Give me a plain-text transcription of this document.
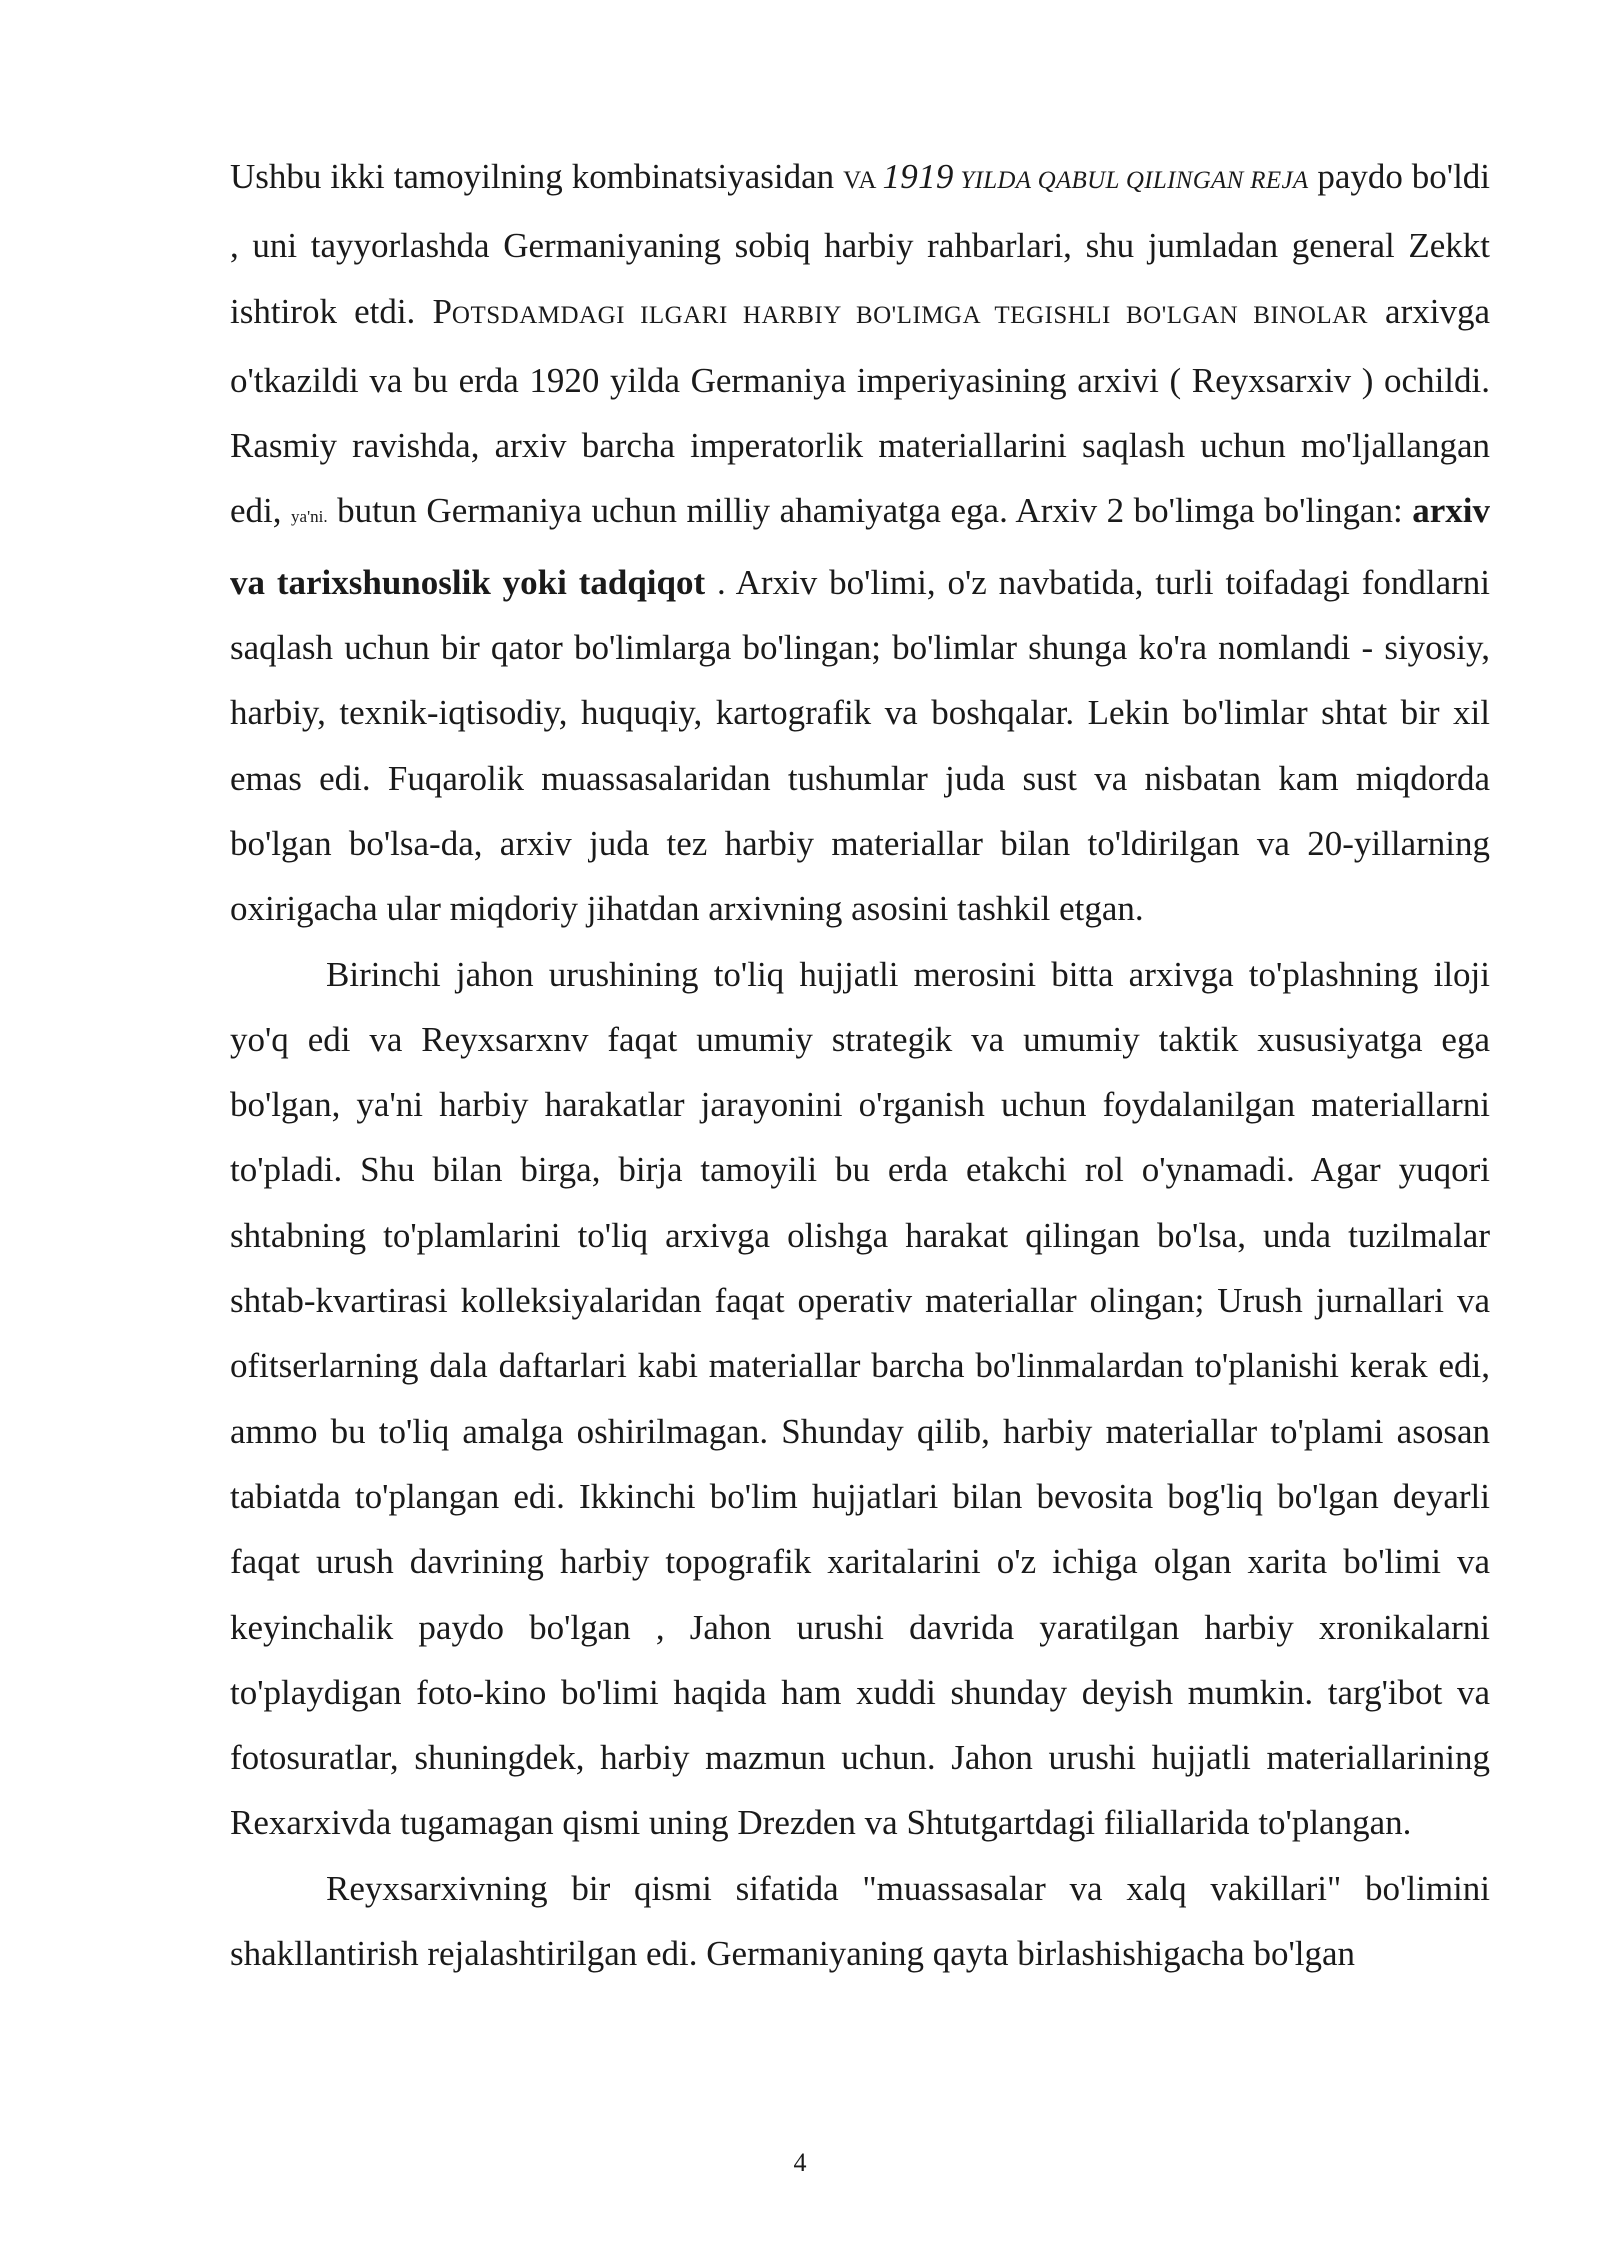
Ushbu ikki tamoyilning kombinatsiyasidan VA 1919 YILDA QABUL QILINGAN REJA paydo bo'ldi , uni tayyorlashda Germaniyaning sobiq harbiy rahbarlari, shu jumladan general Zekkt ishtirok etdi. POTSDAMDAGI ILGARI HARBIY BO'LIMGA TEGISHLI BO'LGAN BINOLAR arxivga o'tkazildi va bu erda 1920 yilda Germaniya imperiyasining arxivi ( Reyxsarxiv ) ochildi. Rasmiy ravishda, arxiv barcha imperatorlik materiallarini saqlash uchun mo'ljallangan edi, ya'ni. butun Germaniya uchun milliy ahamiyatga ega. Arxiv 2 bo'limga bo'lingan: arxiv va tarixshunoslik yoki tadqiqot . Arxiv bo'limi, o'z navbatida, turli toifadagi fondlarni saqlash uchun bir qator bo'limlarga bo'lingan; bo'limlar shunga ko'ra nomlandi - siyosiy, harbiy, texnik-iqtisodiy, huquqiy, kartografik va boshqalar. Lekin bo'limlar shtat bir xil emas edi. Fuqarolik muassasalaridan tushumlar juda sust va nisbatan kam miqdorda bo'lgan bo'lsa-da, arxiv juda tez harbiy materiallar bilan to'ldirilgan va 20-yillarning oxirigacha ular miqdoriy jihatdan arxivning asosini tashkil etgan.

Birinchi jahon urushining to'liq hujjatli merosini bitta arxivga to'plashning iloji yo'q edi va Reyxsarxnv faqat umumiy strategik va umumiy taktik xususiyatga ega bo'lgan, ya'ni harbiy harakatlar jarayonini o'rganish uchun foydalanilgan materiallarni to'pladi. Shu bilan birga, birja tamoyili bu erda etakchi rol o'ynamadi. Agar yuqori shtabning to'plamlarini to'liq arxivga olishga harakat qilingan bo'lsa, unda tuzilmalar shtab-kvartirasi kolleksiyalaridan faqat operativ materiallar olingan; Urush jurnallari va ofitserlarning dala daftarlari kabi materiallar barcha bo'linmalardan to'planishi kerak edi, ammo bu to'liq amalga oshirilmagan. Shunday qilib, harbiy materiallar to'plami asosan tabiatda to'plangan edi. Ikkinchi bo'lim hujjatlari bilan bevosita bog'liq bo'lgan deyarli faqat urush davrining harbiy topografik xaritalarini o'z ichiga olgan xarita bo'limi va keyinchalik paydo bo'lgan , Jahon urushi davrida yaratilgan harbiy xronikalarni to'playdigan foto-kino bo'limi haqida ham xuddi shunday deyish mumkin. targ'ibot va fotosuratlar, shuningdek, harbiy mazmun uchun. Jahon urushi hujjatli materiallarining Rexarxivda tugamagan qismi uning Drezden va Shtutgartdagi filiallarida to'plangan.

Reyxsarxivning bir qismi sifatida "muassasalar va xalq vakillari" bo'limini shakllantirish rejalashtirilgan edi. Germaniyaning qayta birlashishigacha bo'lgan

4
